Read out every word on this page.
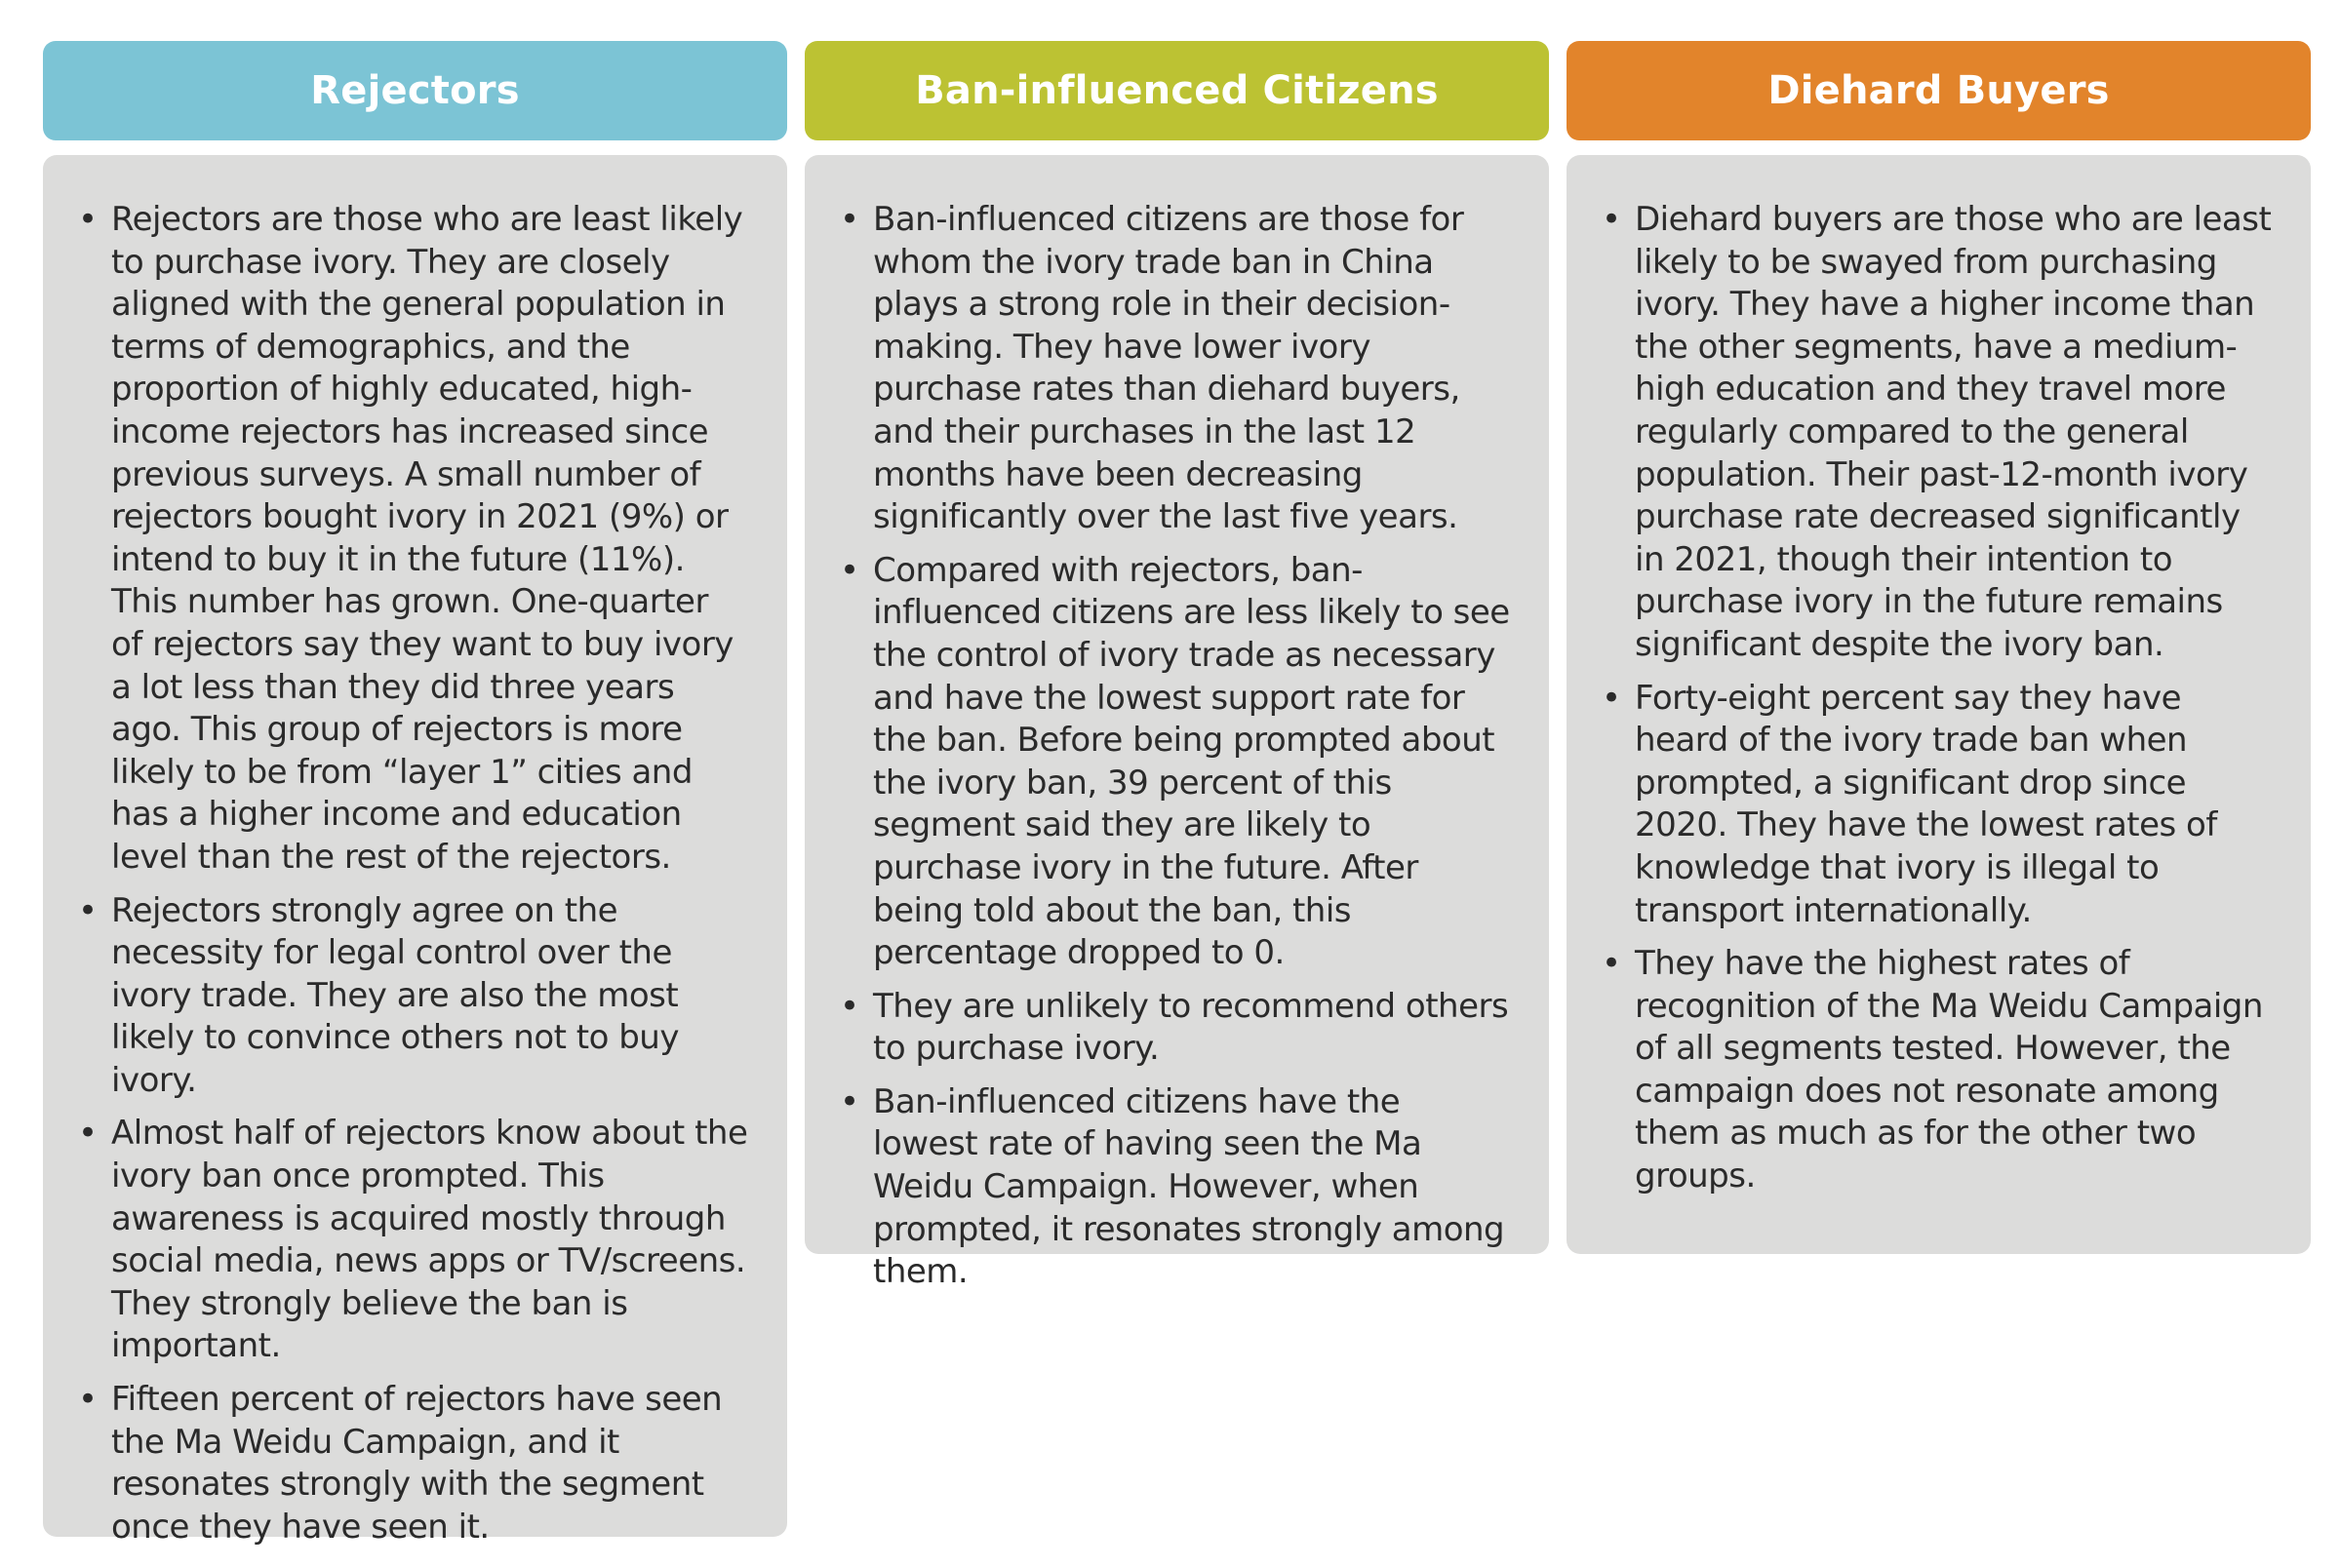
Rejectors
• Rejectors are those who are least likely to purchase ivory. They are closely aligned with the general population in terms of demographics, and the proportion of highly educated, high-income rejectors has increased since previous surveys. A small number of rejectors bought ivory in 2021 (9%) or intend to buy it in the future (11%). This number has grown. One-quarter of rejectors say they want to buy ivory a lot less than they did three years ago. This group of rejectors is more likely to be from “layer 1” cities and has a higher income and education level than the rest of the rejectors.
• Rejectors strongly agree on the necessity for legal control over the ivory trade. They are also the most likely to convince others not to buy ivory.
• Almost half of rejectors know about the ivory ban once prompted. This awareness is acquired mostly through social media, news apps or TV/screens. They strongly believe the ban is important.
• Fifteen percent of rejectors have seen the Ma Weidu Campaign, and it resonates strongly with the segment once they have seen it.
Ban-influenced Citizens
• Ban-influenced citizens are those for whom the ivory trade ban in China plays a strong role in their decision-making. They have lower ivory purchase rates than diehard buyers, and their purchases in the last 12 months have been decreasing significantly over the last five years.
• Compared with rejectors, ban-influenced citizens are less likely to see the control of ivory trade as necessary and have the lowest support rate for the ban. Before being prompted about the ivory ban, 39 percent of this segment said they are likely to purchase ivory in the future. After being told about the ban, this percentage dropped to 0.
• They are unlikely to recommend others to purchase ivory.
• Ban-influenced citizens have the lowest rate of having seen the Ma Weidu Campaign. However, when prompted, it resonates strongly among them.
Diehard Buyers
• Diehard buyers are those who are least likely to be swayed from purchasing ivory. They have a higher income than the other segments, have a medium-high education and they travel more regularly compared to the general population. Their past-12-month ivory purchase rate decreased significantly in 2021, though their intention to purchase ivory in the future remains significant despite the ivory ban.
• Forty-eight percent say they have heard of the ivory trade ban when prompted, a significant drop since 2020. They have the lowest rates of knowledge that ivory is illegal to transport internationally.
• They have the highest rates of recognition of the Ma Weidu Campaign of all segments tested. However, the campaign does not resonate among them as much as for the other two groups.
